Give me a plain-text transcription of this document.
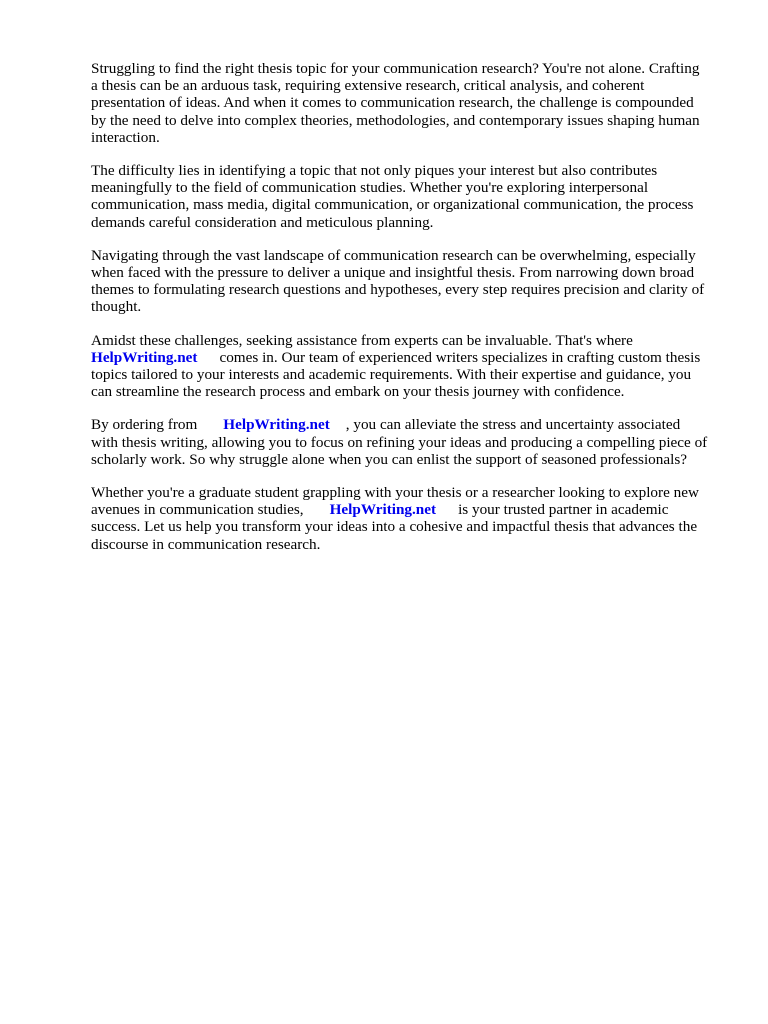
Struggling to find the right thesis topic for your communication research? You're not alone. Crafting
a thesis can be an arduous task, requiring extensive research, critical analysis, and coherent
presentation of ideas. And when it comes to communication research, the challenge is compounded
by the need to delve into complex theories, methodologies, and contemporary issues shaping human
interaction.

The difficulty lies in identifying a topic that not only piques your interest but also contributes
meaningfully to the field of communication studies. Whether you're exploring interpersonal
communication, mass media, digital communication, or organizational communication, the process
demands careful consideration and meticulous planning.

Navigating through the vast landscape of communication research can be overwhelming, especially
when faced with the pressure to deliver a unique and insightful thesis. From narrowing down broad
themes to formulating research questions and hypotheses, every step requires precision and clarity of
thought.

Amidst these challenges, seeking assistance from experts can be invaluable. That's where
HelpWriting.net comes in. Our team of experienced writers specializes in crafting custom thesis
topics tailored to your interests and academic requirements. With their expertise and guidance, you
can streamline the research process and embark on your thesis journey with confidence.

By ordering from HelpWriting.net , you can alleviate the stress and uncertainty associated
with thesis writing, allowing you to focus on refining your ideas and producing a compelling piece of
scholarly work. So why struggle alone when you can enlist the support of seasoned professionals?

Whether you're a graduate student grappling with your thesis or a researcher looking to explore new
avenues in communication studies, HelpWriting.net is your trusted partner in academic
success. Let us help you transform your ideas into a cohesive and impactful thesis that advances the
discourse in communication research.
